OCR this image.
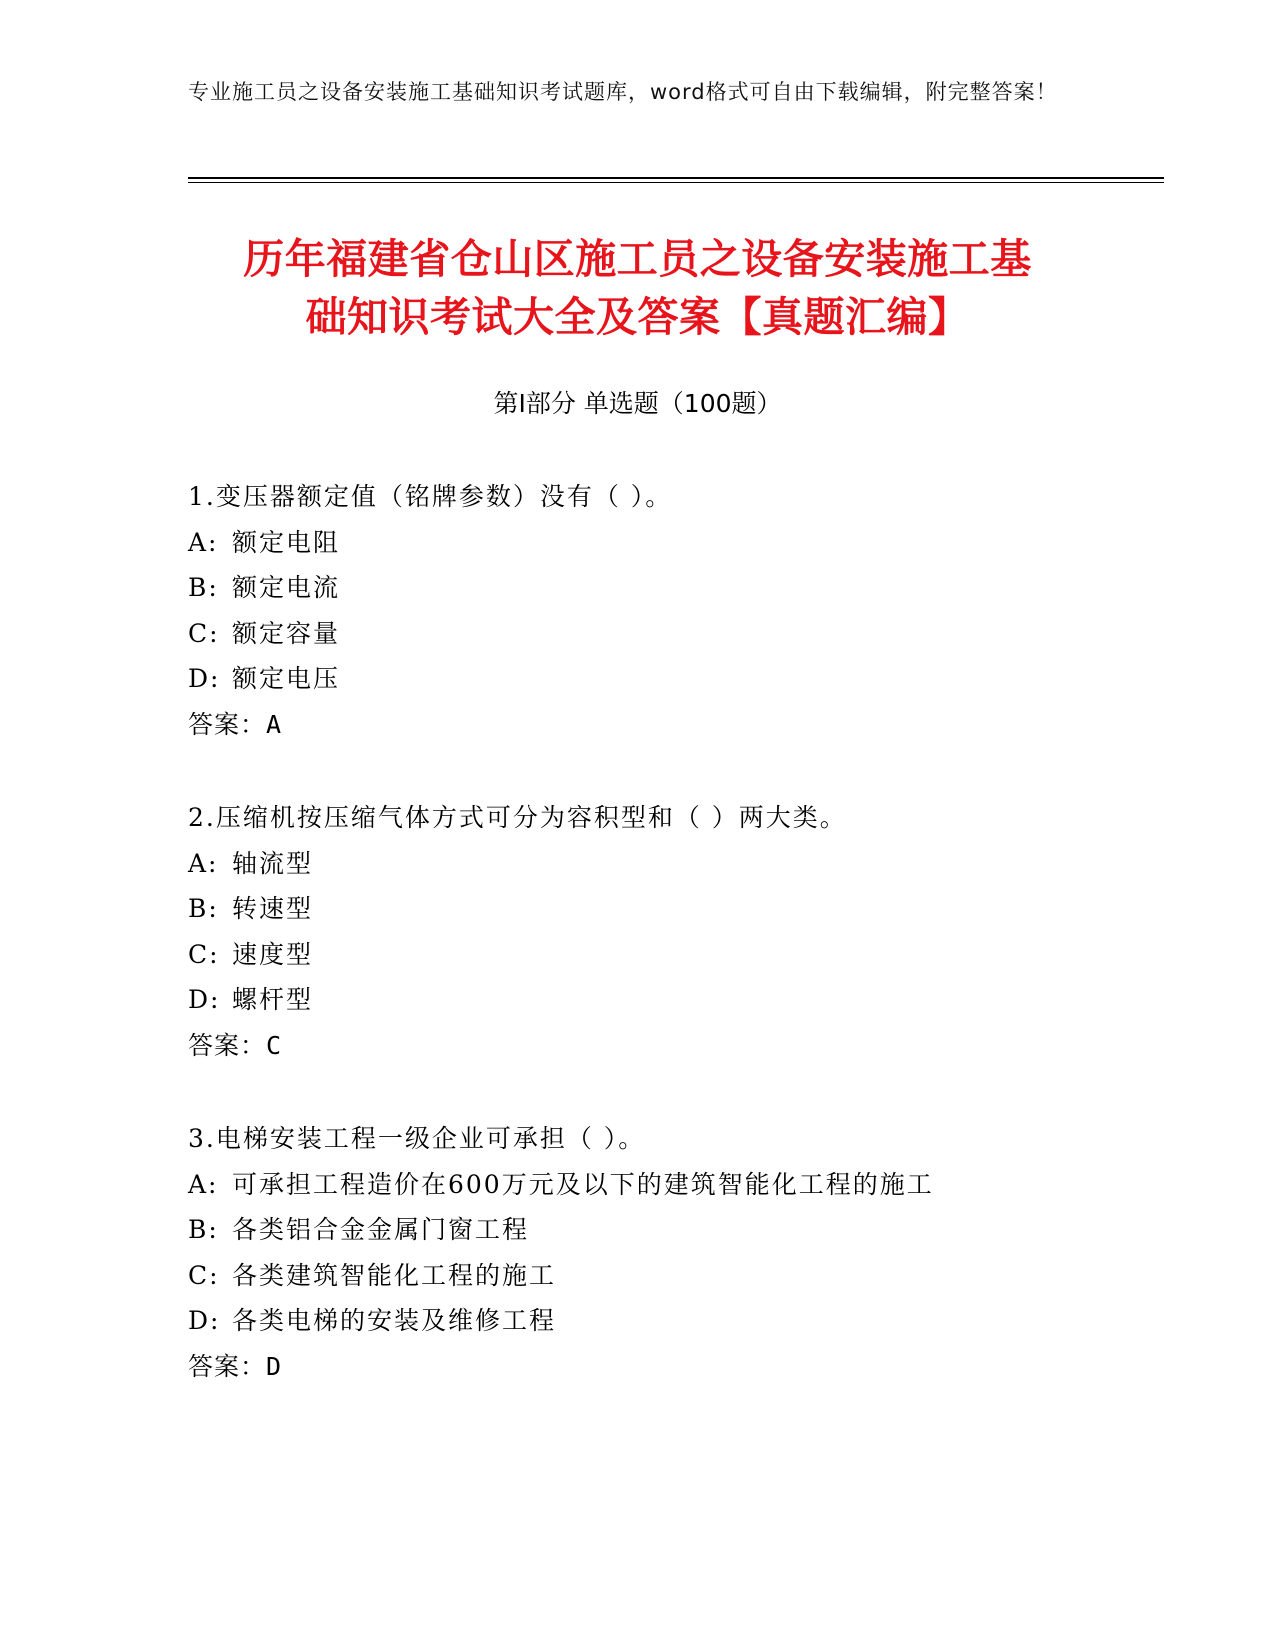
专业施工员之设备安装施工基础知识考试题库，word格式可自由下载编辑，附完整答案！
历年福建省仓山区施工员之设备安装施工基
础知识考试大全及答案【真题汇编】
第Ⅰ部分 单选题（100题）
1.变压器额定值（铭牌参数）没有（ ）。
A: 额定电阻
B: 额定电流
C: 额定容量
D: 额定电压
答案：A
2.压缩机按压缩气体方式可分为容积型和（ ）两大类。
A: 轴流型
B: 转速型
C: 速度型
D: 螺杆型
答案：C
3.电梯安装工程一级企业可承担（ ）。
A: 可承担工程造价在600万元及以下的建筑智能化工程的施工
B: 各类铝合金金属门窗工程
C: 各类建筑智能化工程的施工
D: 各类电梯的安装及维修工程
答案：D
